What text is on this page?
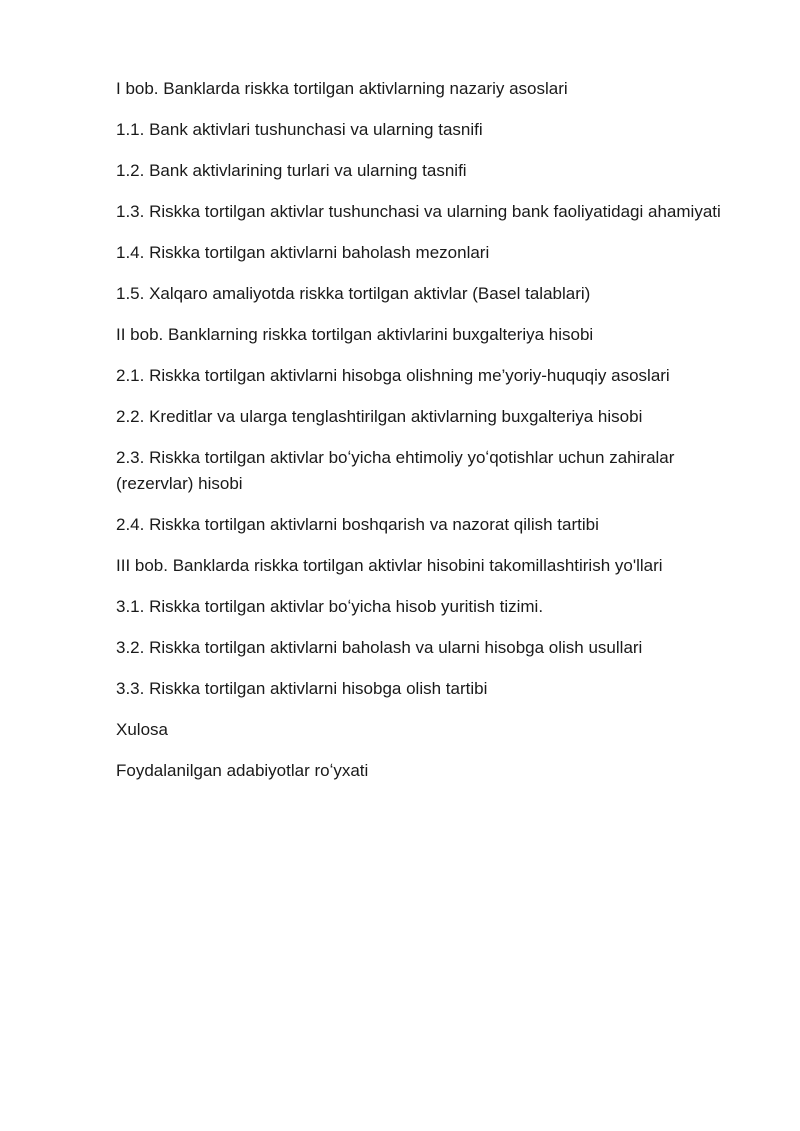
I bob. Banklarda riskka tortilgan aktivlarning nazariy asoslari

1.1. Bank aktivlari tushunchasi va ularning tasnifi

1.2. Bank aktivlarining turlari va ularning tasnifi

1.3. Riskka tortilgan aktivlar tushunchasi va ularning bank faoliyatidagi ahamiyati

1.4. Riskka tortilgan aktivlarni baholash mezonlari

1.5. Xalqaro amaliyotda riskka tortilgan aktivlar (Basel talablari)

II bob. Banklarning riskka tortilgan aktivlarini buxgalteriya hisobi

2.1. Riskka tortilgan aktivlarni hisobga olishning me’yoriy-huquqiy asoslari

2.2. Kreditlar va ularga tenglashtirilgan aktivlarning buxgalteriya hisobi

2.3. Riskka tortilgan aktivlar boʻyicha ehtimoliy yoʻqotishlar uchun zahiralar (rezervlar) hisobi

2.4. Riskka tortilgan aktivlarni boshqarish va nazorat qilish tartibi

III bob. Banklarda riskka tortilgan aktivlar hisobini takomillashtirish yo'llari

3.1. Riskka tortilgan aktivlar boʻyicha hisob yuritish tizimi.

3.2. Riskka tortilgan aktivlarni baholash va ularni hisobga olish usullari

3.3. Riskka tortilgan aktivlarni hisobga olish tartibi

Xulosa

Foydalanilgan adabiyotlar roʻyxati
